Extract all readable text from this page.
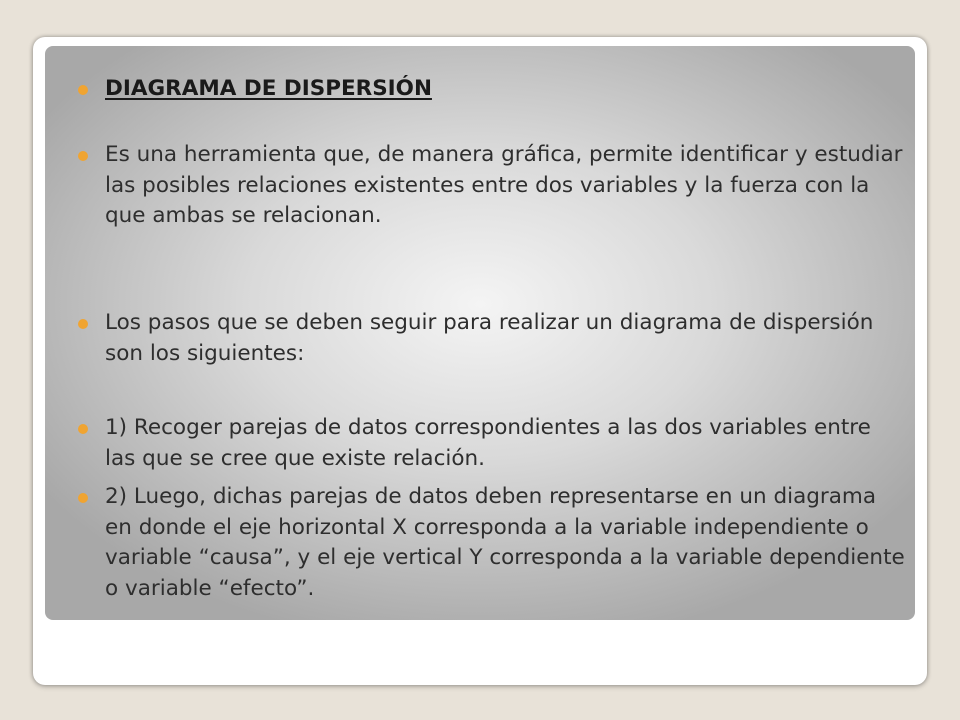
DIAGRAMA DE DISPERSIÓN
Es una herramienta que, de manera gráfica, permite identificar y estudiar las posibles relaciones existentes entre dos variables y la fuerza con la que ambas se relacionan.
Los pasos que se deben seguir para realizar un diagrama de dispersión son los siguientes:
1) Recoger parejas de datos correspondientes a las dos variables entre las que se cree que existe relación.
2) Luego, dichas parejas de datos deben representarse en un diagrama en donde el eje horizontal X corresponda a la variable independiente o variable “causa”, y el eje vertical Y corresponda a la variable dependiente o variable “efecto”.
